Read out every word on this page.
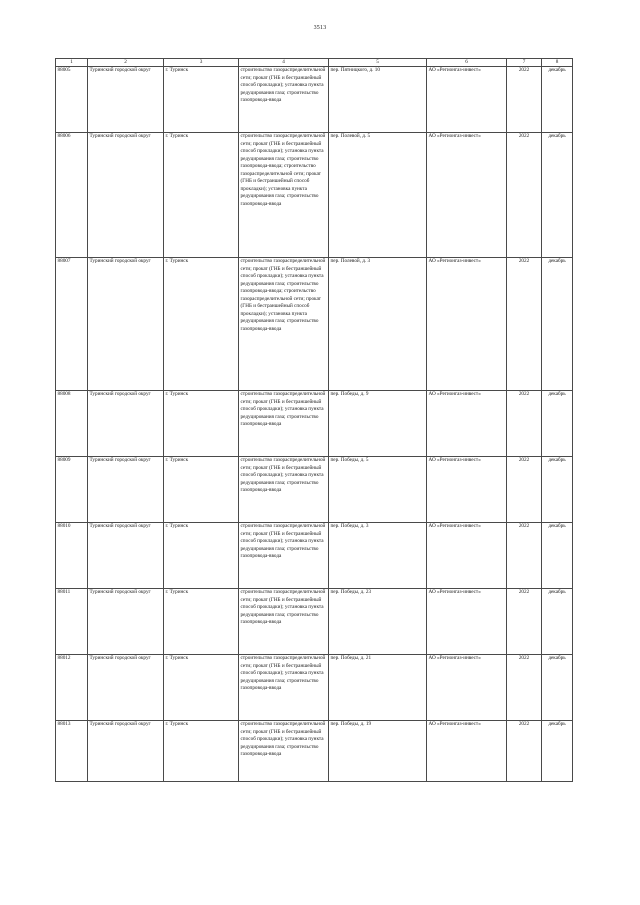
3513
1	2	3	4	5	6	7	8
88005	Туринский городской округ	г. Туринск	строительство газораспределительной сети; прокат (ГНБ и бестраншейный способ прокладки); установка пункта редуцирования газа; строительство газопровода-ввода	пер. Пятницкого, д. 10	АО «Регионгаз-инвест»	2022	декабрь
88006	Туринский городской округ	г. Туринск	строительство газораспределительной сети; прокат (ГНБ и бестраншейный способ прокладки); установка пункта редуцирования газа; строительство газопровода-ввода; строительство газораспределительной сети; прокат (ГНБ и бестраншейный способ прокладки); установка пункта редуцирования газа; строительство газопровода-ввода	пер. Полевой, д. 5	АО «Регионгаз-инвест»	2022	декабрь
88007	Туринский городской округ	г. Туринск	строительство газораспределительной сети; прокат (ГНБ и бестраншейный способ прокладки); установка пункта редуцирования газа; строительство газопровода-ввода; строительство газораспределительной сети; прокат (ГНБ и бестраншейный способ прокладки); установка пункта редуцирования газа; строительство газопровода-ввода	пер. Полевой, д. 3	АО «Регионгаз-инвест»	2022	декабрь
88008	Туринский городской округ	г. Туринск	строительство газораспределительной сети; прокат (ГНБ и бестраншейный способ прокладки); установка пункта редуцирования газа; строительство газопровода-ввода	пер. Победы, д. 9	АО «Регионгаз-инвест»	2022	декабрь
88009	Туринский городской округ	г. Туринск	строительство газораспределительной сети; прокат (ГНБ и бестраншейный способ прокладки); установка пункта редуцирования газа; строительство газопровода-ввода	пер. Победы, д. 5	АО «Регионгаз-инвест»	2022	декабрь
88010	Туринский городской округ	г. Туринск	строительство газораспределительной сети; прокат (ГНБ и бестраншейный способ прокладки); установка пункта редуцирования газа; строительство газопровода-ввода	пер. Победы, д. 3	АО «Регионгаз-инвест»	2022	декабрь
88011	Туринский городской округ	г. Туринск	строительство газораспределительной сети; прокат (ГНБ и бестраншейный способ прокладки); установка пункта редуцирования газа; строительство газопровода-ввода	пер. Победы, д. 23	АО «Регионгаз-инвест»	2022	декабрь
88012	Туринский городской округ	г. Туринск	строительство газораспределительной сети; прокат (ГНБ и бестраншейный способ прокладки); установка пункта редуцирования газа; строительство газопровода-ввода	пер. Победы, д. 21	АО «Регионгаз-инвест»	2022	декабрь
88013	Туринский городской округ	г. Туринск	строительство газораспределительной сети; прокат (ГНБ и бестраншейный способ прокладки); установка пункта редуцирования газа; строительство газопровода-ввода	пер. Победы, д. 19	АО «Регионгаз-инвест»	2022	декабрь
